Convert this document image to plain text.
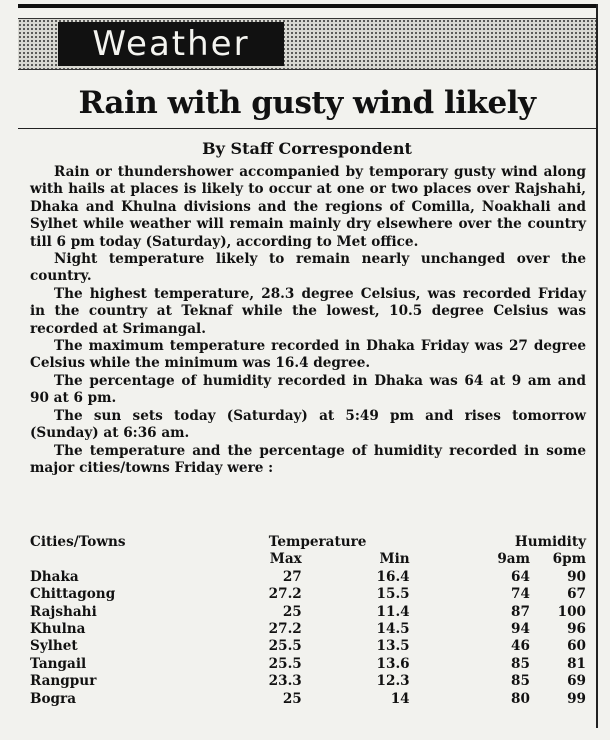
Weather
Rain with gusty wind likely
By Staff Correspondent

Rain or thundershower accompanied by temporary gusty wind along with hails at places is likely to occur at one or two places over Rajshahi, Dhaka and Khulna divisions and the regions of Comilla, Noakhali and Sylhet while weather will remain mainly dry elsewhere over the country till 6 pm today (Saturday), according to Met office.

Night temperature likely to remain nearly unchanged over the country.

The highest temperature, 28.3 degree Celsius, was recorded Friday in the country at Teknaf while the lowest, 10.5 degree Celsius was recorded at Srimangal.

The maximum temperature recorded in Dhaka Friday was 27 degree Celsius while the minimum was 16.4 degree.

The percentage of humidity recorded in Dhaka was 64 at 9 am and 90 at 6 pm.

The sun sets today (Saturday) at 5:49 pm and rises tomorrow (Sunday) at 6:36 am.

The temperature and the percentage of humidity recorded in some major cities/towns Friday were :

Cities/Towns	Temperature		Humidity	
	Max	Min	9am	6pm
Dhaka	27	16.4	64	90
Chittagong	27.2	15.5	74	67
Rajshahi	25	11.4	87	100
Khulna	27.2	14.5	94	96
Sylhet	25.5	13.5	46	60
Tangail	25.5	13.6	85	81
Rangpur	23.3	12.3	85	69
Bogra	25	14	80	99
